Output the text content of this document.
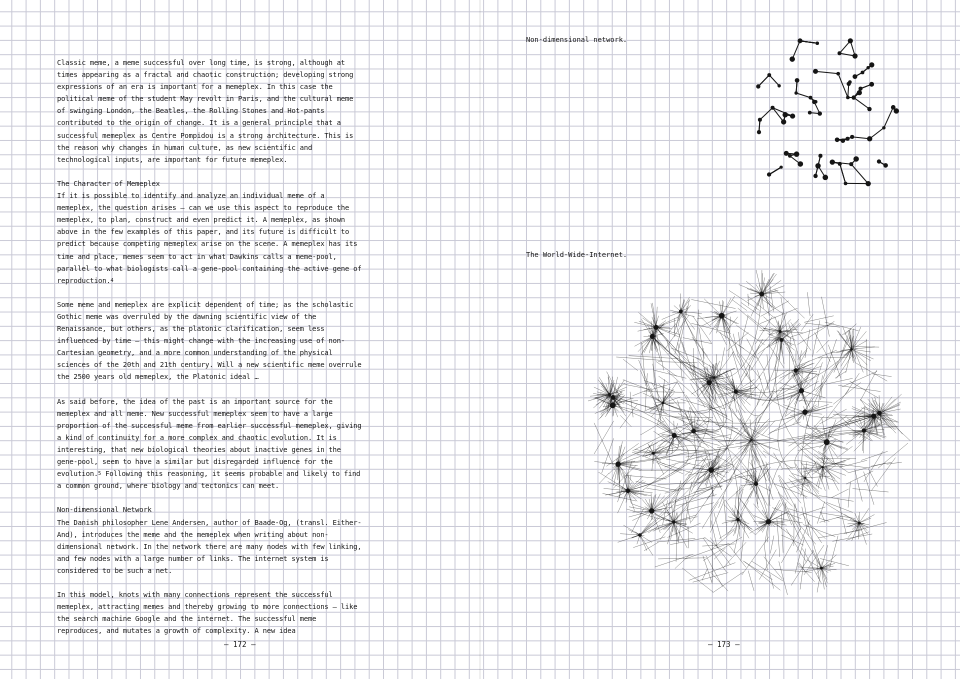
Classic meme, a meme successful over long time, is strong, although at times appearing as a fractal and chaotic construction; developing strong expressions of an era is important for a memeplex. In this case the political meme of the student May revolt in Paris, and the cultural meme of swinging London, the Beatles, the Rolling Stones and Hot-pants contributed to the origin of change. It is a general principle that a successful memeplex as Centre Pompidou is a strong architecture. This is the reason why changes in human culture, as new scientific and technological inputs, are important for future memeplex.

The Character of Memeplex

If it is possible to identify and analyze an individual meme of a memeplex, the question arises — can we use this aspect to reproduce the memeplex, to plan, construct and even predict it. A memeplex, as shown above in the few examples of this paper, and its future is difficult to predict because competing memeplex arise on the scene. A memeplex has its time and place, memes seem to act in what Dawkins calls a meme-pool, parallel to what biologists call a gene-pool containing the active gene of reproduction.$^4$

Some meme and memeplex are explicit dependent of time; as the scholastic Gothic meme was overruled by the dawning scientific view of the Renaissance, but others, as the platonic clarification, seem less influenced by time — this might change with the increasing use of non-Cartesian geometry, and a more common understanding of the physical sciences of the 20th and 21th century. Will a new scientific meme overrule the 2500 years old memeplex, the Platonic ideal …

As said before, the idea of the past is an important source for the memeplex and all meme. New successful memeplex seem to have a large proportion of the successful meme from earlier successful memeplex, giving a kind of continuity for a more complex and chaotic evolution. It is interesting, that new biological theories about inactive genes in the gene-pool, seem to have a similar but disregarded influence for the evolution.$^5$ Following this reasoning, it seems probable and likely to find a common ground, where biology and tectonics can meet.

Non-dimensional Network

The Danish philosopher Lene Andersen, author of Baade-Og, (transl. Either-And), introduces the meme and the memeplex when writing about non-dimensional network. In the network there are many nodes with few linking, and few nodes with a large number of links. The internet system is considered to be such a net.

In this model, knots with many connections represent the successful memeplex, attracting memes and thereby growing to more connections — like the search machine Google and the internet. The successful meme reproduces, and mutates a growth of complexity. A new idea

– 172 –
Non-dimensional network.
The World-Wide-Internet.
– 173 –
